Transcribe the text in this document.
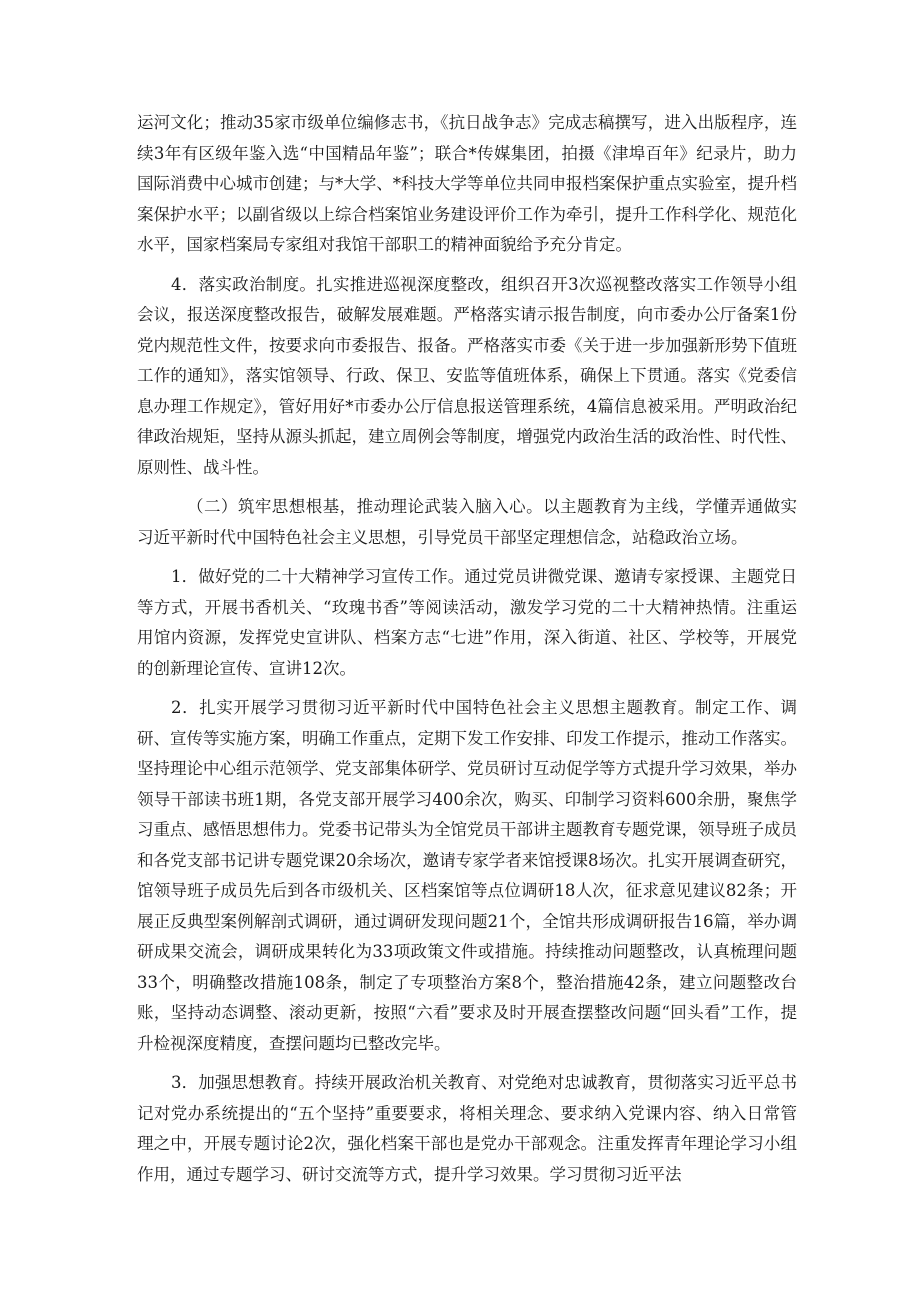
运河文化；推动35家市级单位编修志书，《抗日战争志》完成志稿撰写，进入出版程序，连续3年有区级年鉴入选“中国精品年鉴”；联合*传媒集团，拍摄《津埠百年》纪录片，助力国际消费中心城市创建；与*大学、*科技大学等单位共同申报档案保护重点实验室，提升档案保护水平；以副省级以上综合档案馆业务建设评价工作为牵引，提升工作科学化、规范化水平，国家档案局专家组对我馆干部职工的精神面貌给予充分肯定。

4．落实政治制度。扎实推进巡视深度整改，组织召开3次巡视整改落实工作领导小组会议，报送深度整改报告，破解发展难题。严格落实请示报告制度，向市委办公厅备案1份党内规范性文件，按要求向市委报告、报备。严格落实市委《关于进一步加强新形势下值班工作的通知》，落实馆领导、行政、保卫、安监等值班体系，确保上下贯通。落实《党委信息办理工作规定》，管好用好*市委办公厅信息报送管理系统，4篇信息被采用。严明政治纪律政治规矩，坚持从源头抓起，建立周例会等制度，增强党内政治生活的政治性、时代性、原则性、战斗性。

（二）筑牢思想根基，推动理论武装入脑入心。以主题教育为主线，学懂弄通做实习近平新时代中国特色社会主义思想，引导党员干部坚定理想信念，站稳政治立场。

1．做好党的二十大精神学习宣传工作。通过党员讲微党课、邀请专家授课、主题党日等方式，开展书香机关、“玫瑰书香”等阅读活动，激发学习党的二十大精神热情。注重运用馆内资源，发挥党史宣讲队、档案方志“七进”作用，深入街道、社区、学校等，开展党的创新理论宣传、宣讲12次。

2．扎实开展学习贯彻习近平新时代中国特色社会主义思想主题教育。制定工作、调研、宣传等实施方案，明确工作重点，定期下发工作安排、印发工作提示，推动工作落实。坚持理论中心组示范领学、党支部集体研学、党员研讨互动促学等方式提升学习效果，举办领导干部读书班1期，各党支部开展学习400余次，购买、印制学习资料600余册，聚焦学习重点、感悟思想伟力。党委书记带头为全馆党员干部讲主题教育专题党课，领导班子成员和各党支部书记讲专题党课20余场次，邀请专家学者来馆授课8场次。扎实开展调查研究，馆领导班子成员先后到各市级机关、区档案馆等点位调研18人次，征求意见建议82条；开展正反典型案例解剖式调研，通过调研发现问题21个，全馆共形成调研报告16篇，举办调研成果交流会，调研成果转化为33项政策文件或措施。持续推动问题整改，认真梳理问题33个，明确整改措施108条，制定了专项整治方案8个，整治措施42条，建立问题整改台账，坚持动态调整、滚动更新，按照“六看”要求及时开展查摆整改问题“回头看”工作，提升检视深度精度，查摆问题均已整改完毕。

3．加强思想教育。持续开展政治机关教育、对党绝对忠诚教育，贯彻落实习近平总书记对党办系统提出的“五个坚持”重要要求，将相关理念、要求纳入党课内容、纳入日常管理之中，开展专题讨论2次，强化档案干部也是党办干部观念。注重发挥青年理论学习小组作用，通过专题学习、研讨交流等方式，提升学习效果。学习贯彻习近平法
